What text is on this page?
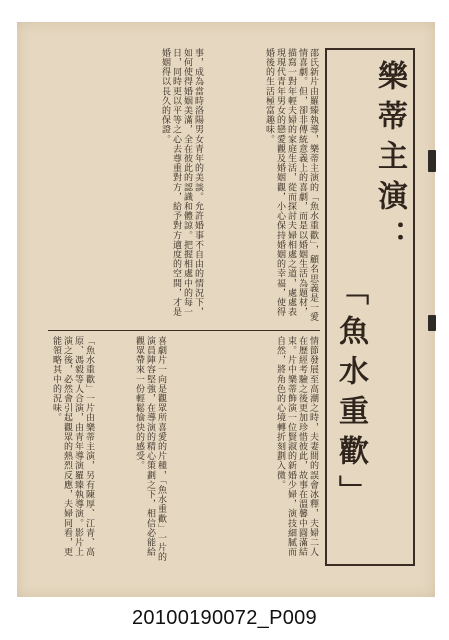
樂蒂主演：
「魚水重歡」
邵氏新片由羅臻執導，樂蒂主演的「魚水重歡」，顧名思義是一愛情喜劇。但，卻非傳統意義上的喜劇，而是以婚姻生活為題材，描寫一對年輕夫婦的家庭生活，從而探討夫婦相處之道，處處表現現代青年男女的戀愛觀及婚姻觀，小心保持婚姻的幸福，使得婚後的生活極富趣味。
事，成為當時洛陽男女青年的美談。允許婚事不自由的情況下，如何使得婚姻美滿，全在彼此的認識和體諒。把握相處中的每一日，同時更以平等之心去尊重對方，給予對方適度的空間，才是婚姻得以長久的保證。
情節發展至高潮之時，夫妻間的誤會冰釋，夫婦二人在歷經考驗之後更加珍惜彼此，故事在溫馨中圓滿結束。片中樂蒂飾演一位賢淑的新婚少婦，演技細膩而自然，將角色的心境轉折刻劃入微。
喜劇片一向是觀眾所喜愛的片種，「魚水重歡」一片的演員陣容堅強，在導演的精心策劃之下，相信必能給觀眾帶來一份輕鬆愉快的感受。
「魚水重歡」一片由樂蒂主演，另有陳厚、江青、高原、馮毅等人合演，由青年導演羅臻執導演。影片上演之後，必然會引起觀眾的熱烈反應，夫婦同看，更能領略其中的況味。
20100190072_P009
